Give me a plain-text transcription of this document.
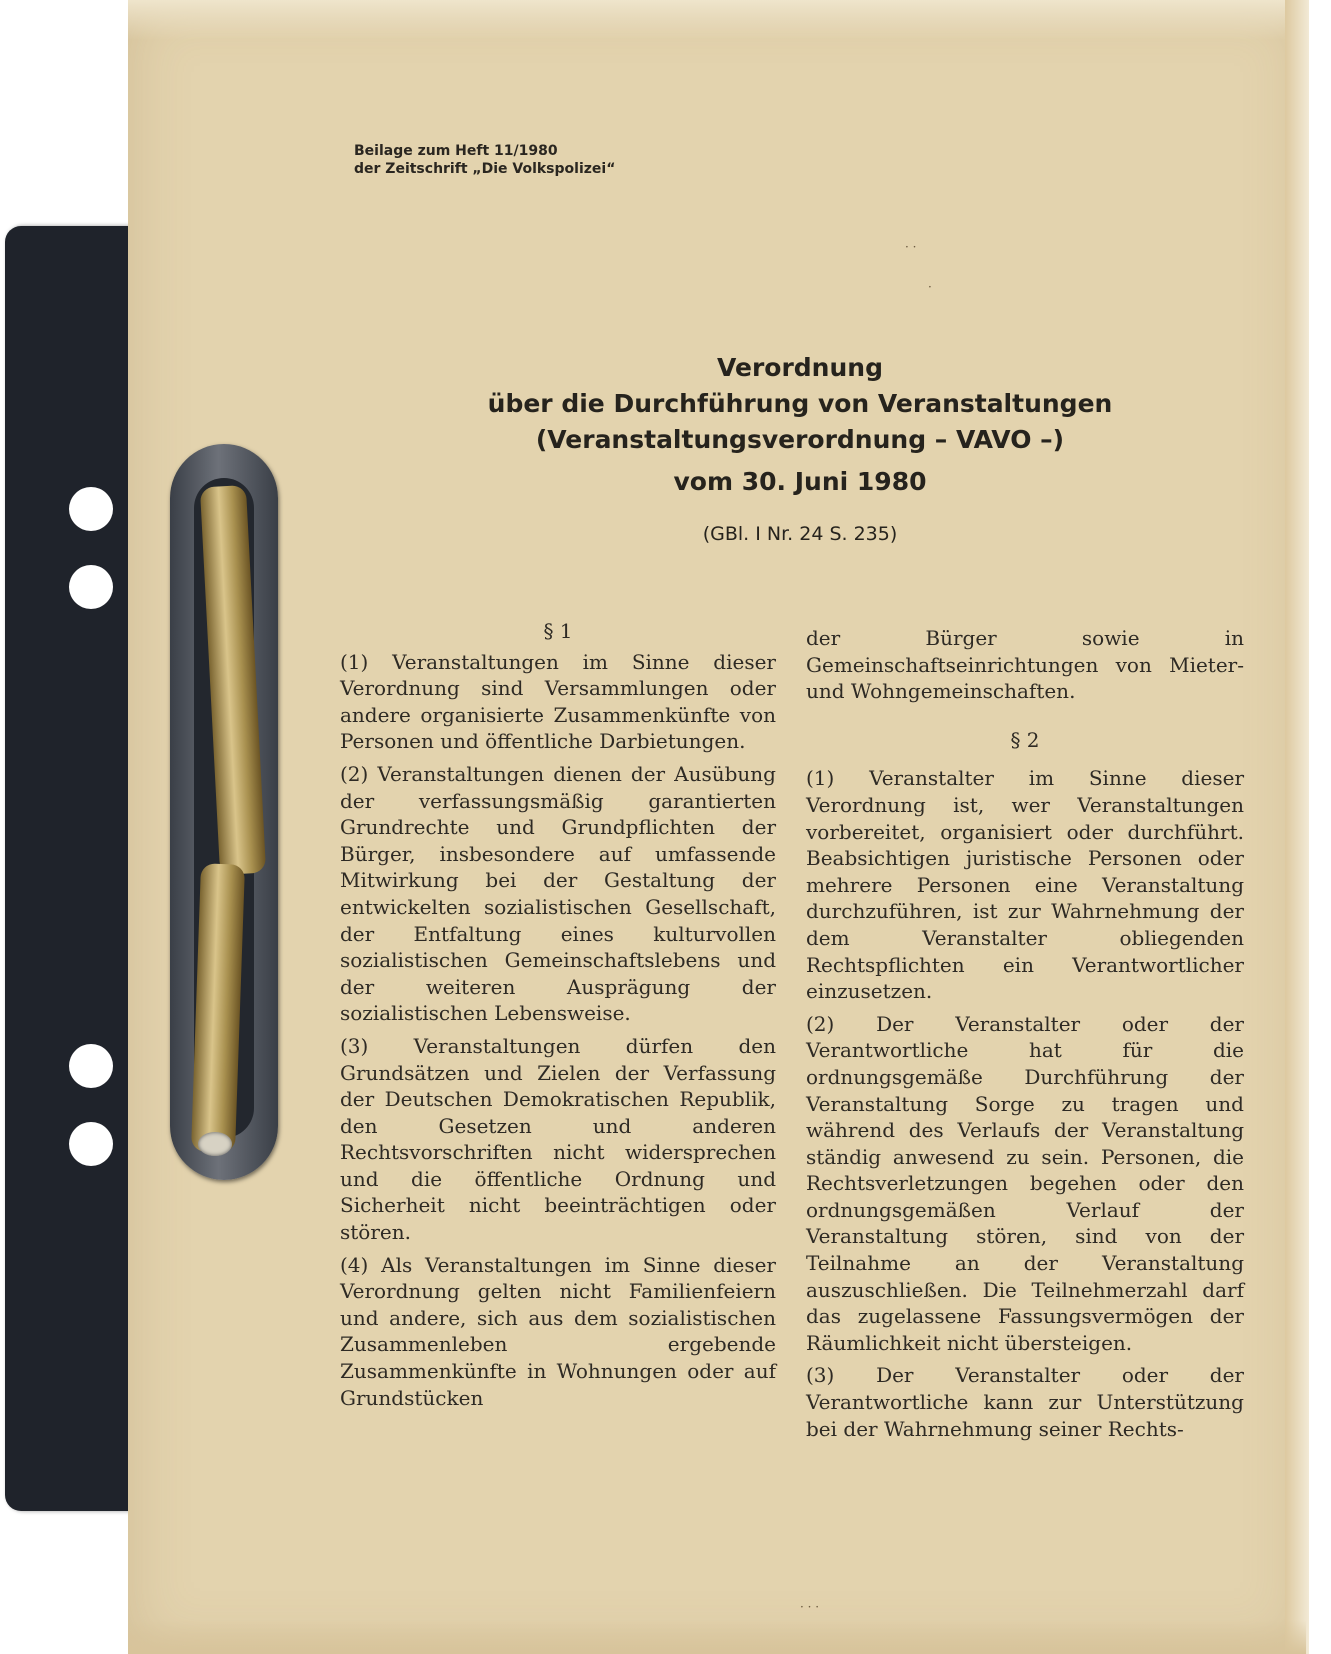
Beilage zum Heft 11/1980
der Zeitschrift „Die Volkspolizei“
Verordnung
über die Durchführung von Veranstaltungen
(Veranstaltungsverordnung – VAVO –)
vom 30. Juni 1980
(GBl. I Nr. 24 S. 235)

§ 1

(1) Veranstaltungen im Sinne dieser Verordnung sind Versammlungen oder andere organisierte Zusammenkünfte von Personen und öffentliche Darbietungen.

(2) Veranstaltungen dienen der Ausübung der verfassungsmäßig garantierten Grundrechte und Grundpflichten der Bürger, insbesondere auf umfassende Mitwirkung bei der Gestaltung der entwickelten sozialistischen Gesellschaft, der Entfaltung eines kulturvollen sozialistischen Gemeinschaftslebens und der weiteren Ausprägung der sozialistischen Lebensweise.

(3) Veranstaltungen dürfen den Grundsätzen und Zielen der Verfassung der Deutschen Demokratischen Republik, den Gesetzen und anderen Rechtsvorschriften nicht widersprechen und die öffentliche Ordnung und Sicherheit nicht beeinträchtigen oder stören.

(4) Als Veranstaltungen im Sinne dieser Verordnung gelten nicht Familienfeiern und andere, sich aus dem sozialistischen Zusammenleben ergebende Zusammenkünfte in Wohnungen oder auf Grundstücken

der Bürger sowie in Gemeinschaftseinrichtungen von Mieter- und Wohngemeinschaften.

§ 2

(1) Veranstalter im Sinne dieser Verordnung ist, wer Veranstaltungen vorbereitet, organisiert oder durchführt. Beabsichtigen juristische Personen oder mehrere Personen eine Veranstaltung durchzuführen, ist zur Wahrnehmung der dem Veranstalter obliegenden Rechtspflichten ein Verantwortlicher einzusetzen.

(2) Der Veranstalter oder der Verantwortliche hat für die ordnungsgemäße Durchführung der Veranstaltung Sorge zu tragen und während des Verlaufs der Veranstaltung ständig anwesend zu sein. Personen, die Rechtsverletzungen begehen oder den ordnungsgemäßen Verlauf der Veranstaltung stören, sind von der Teilnahme an der Veranstaltung auszuschließen. Die Teilnehmerzahl darf das zugelassene Fassungsvermögen der Räumlichkeit nicht übersteigen.

(3) Der Veranstalter oder der Verantwortliche kann zur Unterstützung bei der Wahrnehmung seiner Rechts-

· ·
·
· · ·
